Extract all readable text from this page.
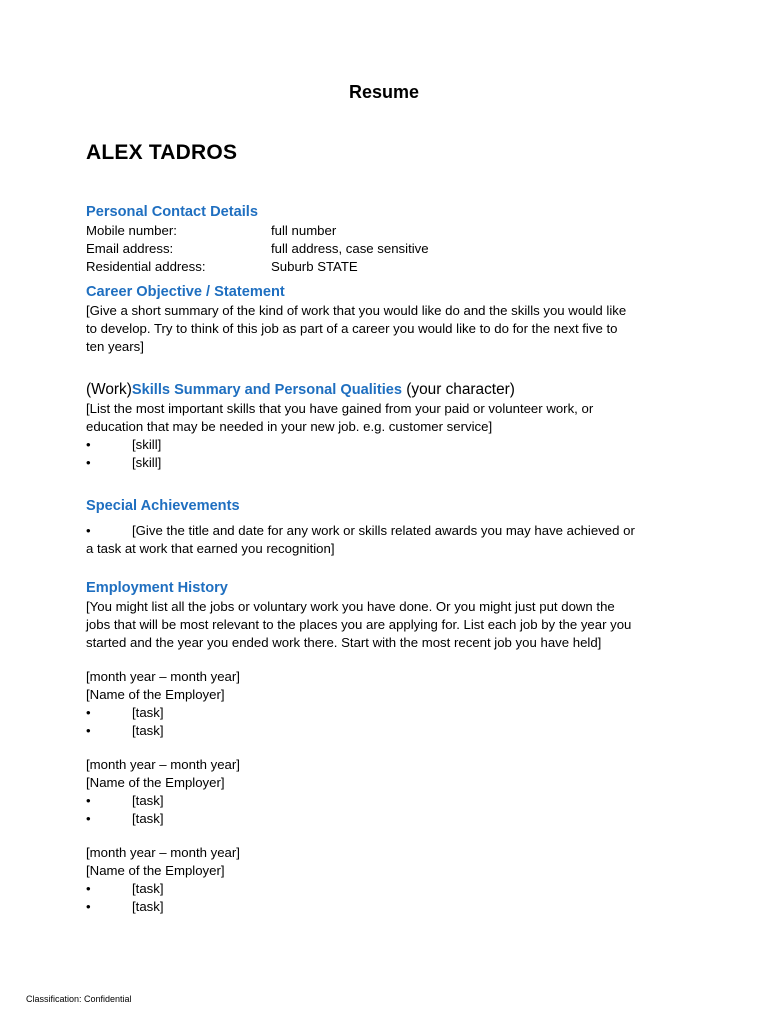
Resume
ALEX TADROS
Personal Contact Details
Mobile number:	full number
Email address:	full address, case sensitive
Residential address:	Suburb STATE
Career Objective / Statement
[Give a short summary of the kind of work that you would like do and the skills you would like
to develop. Try to think of this job as part of a career you would like to do for the next five to
ten years]
(Work)Skills Summary and Personal Qualities (your character)
[List the most important skills that you have gained from your paid or volunteer work, or
education that may be needed in your new job. e.g. customer service]
•	[skill]
•	[skill]
Special Achievements
•	[Give the title and date for any work or skills related awards you may have achieved or
a task at work that earned you recognition]
Employment History
[You might list all the jobs or voluntary work you have done. Or you might just put down the
jobs that will be most relevant to the places you are applying for. List each job by the year you
started and the year you ended work there. Start with the most recent job you have held]
[month year – month year]
[Name of the Employer]
•	[task]
•	[task]
[month year – month year]
[Name of the Employer]
•	[task]
•	[task]
[month year – month year]
[Name of the Employer]
•	[task]
•	[task]
Classification: Confidential
